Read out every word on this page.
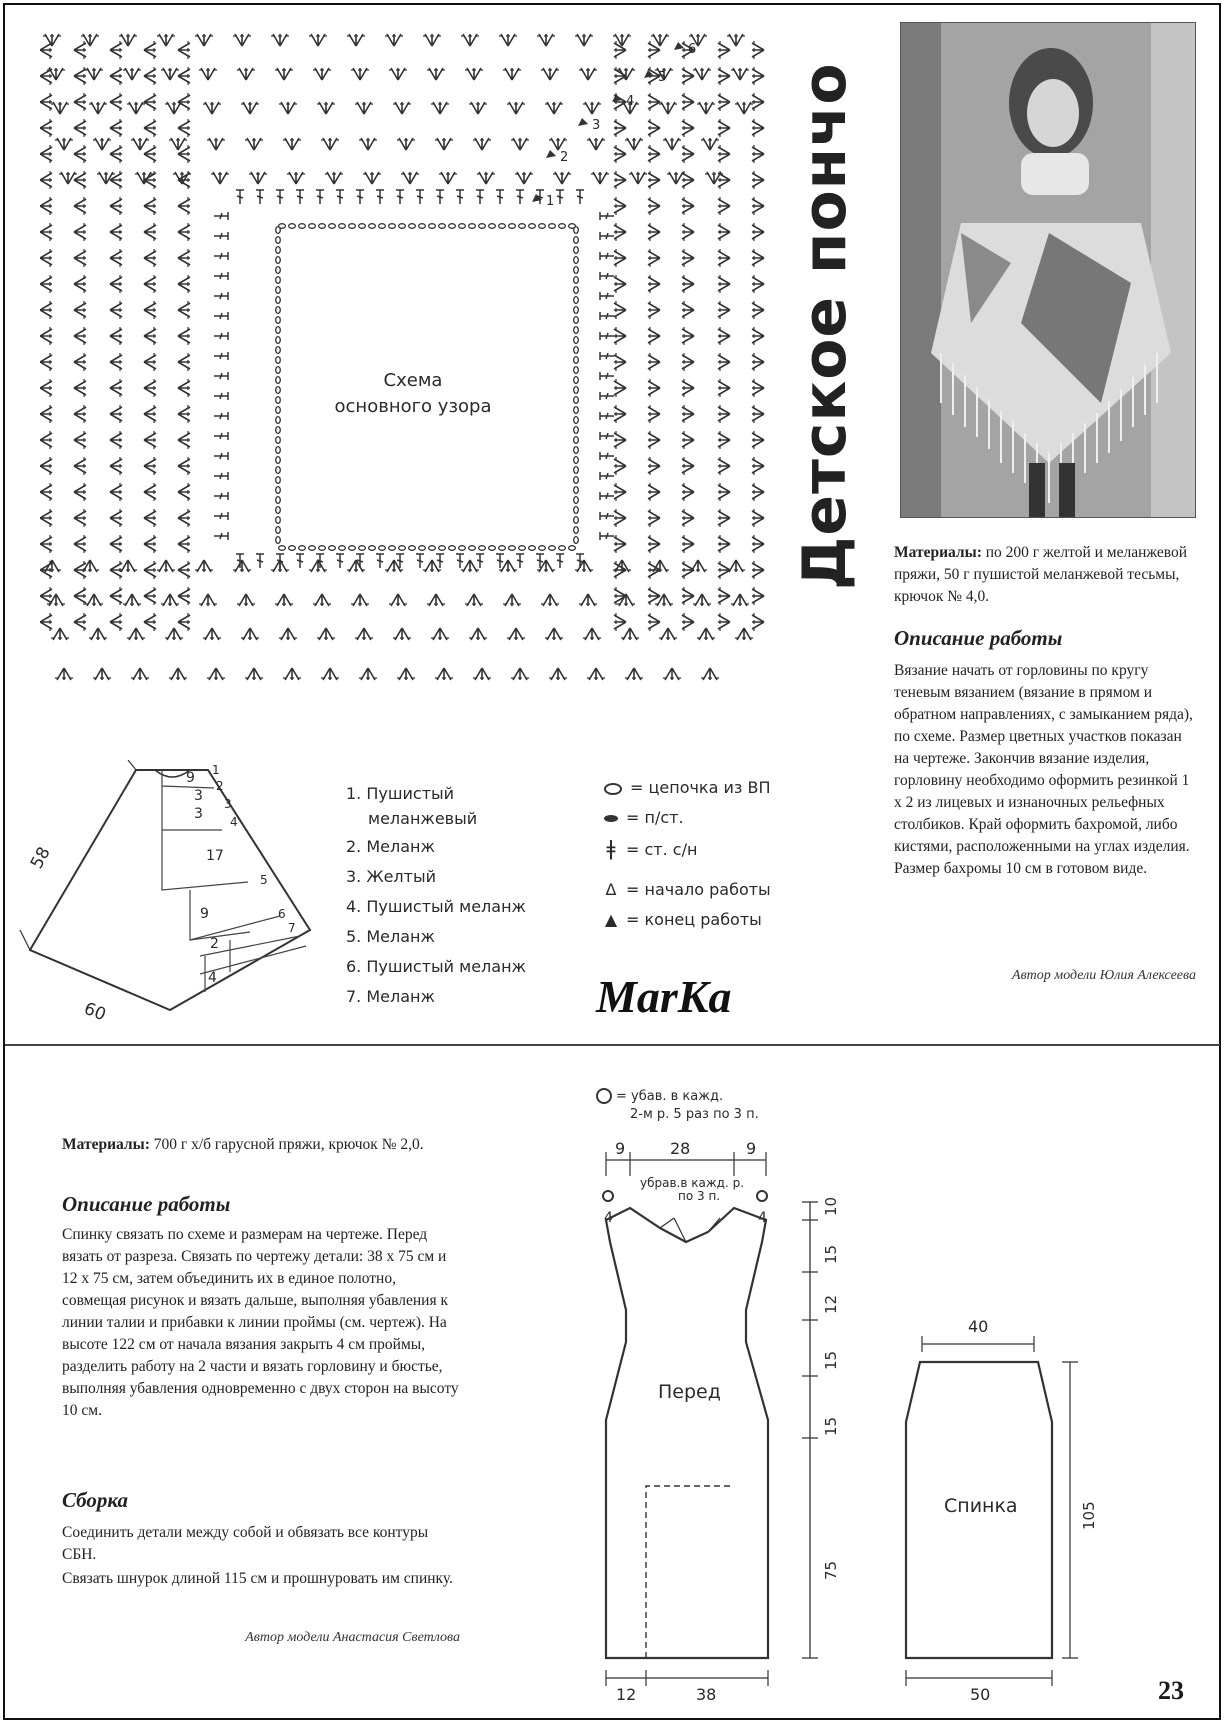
Схема
основного узора
1
2
3
4
5
6
Детское пончо Материалы: по 200 г желтой и меланжевой пряжи, 50 г пушистой меланжевой тесьмы, крючок № 4,0.
Описание работы
Вязание начать от горловины по кругу теневым вязанием (вязание в прямом и обратном направлениях, с замыканием ряда), по схеме. Размер цветных участков показан на чертеже. Закончив вязание изделия, горловину необходимо оформить резинкой 1 х 2 из лицевых и изнаночных рельефных столбиков. Край оформить бахромой, либо кистями, расположенными на углах изделия. Размер бахромы 10 см в готовом виде.
Автор модели Юлия Алексеева
9
3
3
17
9
2
4
1
2
3
4
5
6
7
58
60
1. Пушистый
меланжевый
2. Меланж
3. Желтый
4. Пушистый меланж
5. Меланж
6. Пушистый меланж
7. Меланж
= цепочка из ВП
= п/ст.
ǂ = ст. с/н
Δ = начало работы
▲ = конец работы
MarKa
Материалы: 700 г х/б гарусной пряжи, крючок № 2,0.
Описание работы
Спинку связать по схеме и размерам на чертеже. Перед вязать от разреза. Связать по чертежу детали: 38 х 75 см и 12 х 75 см, затем объединить их в единое полотно, совмещая рисунок и вязать дальше, выполняя убавления к линии талии и прибавки к линии проймы (см. чертеж). На высоте 122 см от начала вязания закрыть 4 см проймы, разделить работу на 2 части и вязать горловину и бюстье, выполняя убавления одновременно с двух сторон на высоту 10 см.
Сборка
Соединить детали между собой и обвязать все контуры СБН.
Связать шнурок длиной 115 см и прошнуровать им спинку.
Автор модели Анастасия Светлова
= убав. в кажд.
2-м р. 5 раз по 3 п.
9	28	9
убрав.в кажд. р.
по 3 п.
4	4
Перед
10
15
12
15
15
75
12	38
40
Спинка	105
50	23
